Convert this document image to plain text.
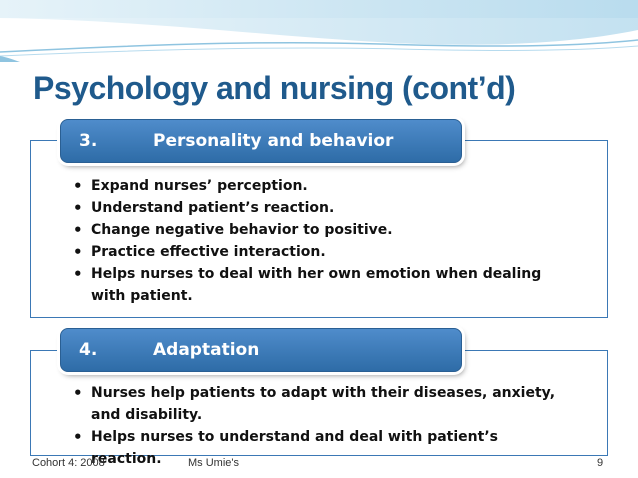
Psychology and nursing (cont’d)
3.	Personality and behavior
• Expand nurses’ perception.
• Understand patient’s reaction.
• Change negative behavior to positive.
• Practice effective interaction.
• Helps nurses to deal with her own emotion when dealing with patient.
4.	Adaptation
• Nurses help patients to adapt with their diseases, anxiety, and disability.
• Helps nurses to understand and deal with patient’s reaction.
Cohort 4: 2008	Ms Umie's	9
